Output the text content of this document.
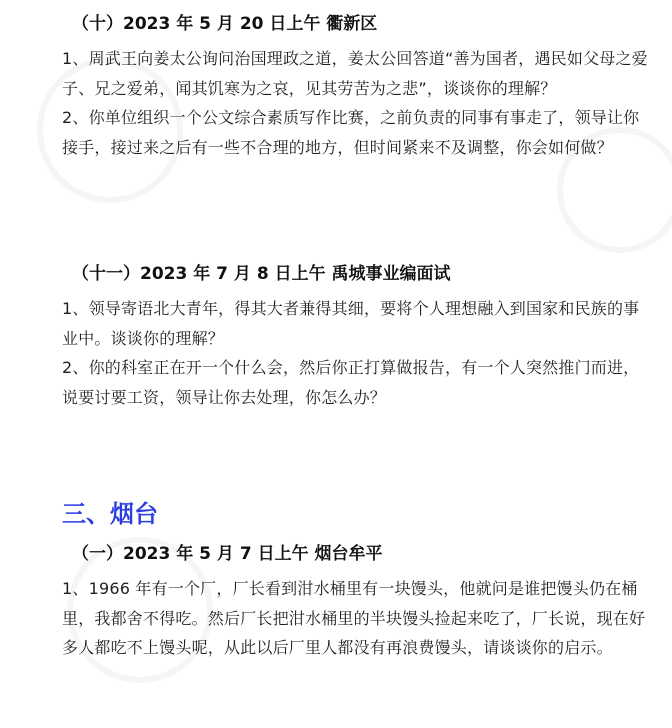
（十）2023 年 5 月 20 日上午 衢新区

1、周武王向姜太公询问治国理政之道，姜太公回答道“善为国者，遇民如父母之爱子、兄之爱弟，闻其饥寒为之哀，见其劳苦为之悲”，谈谈你的理解？

2、你单位组织一个公文综合素质写作比赛，之前负责的同事有事走了，领导让你接手，接过来之后有一些不合理的地方，但时间紧来不及调整，你会如何做？

（十一）2023 年 7 月 8 日上午 禹城事业编面试

1、领导寄语北大青年，得其大者兼得其细，要将个人理想融入到国家和民族的事业中。谈谈你的理解？

2、你的科室正在开一个什么会，然后你正打算做报告，有一个人突然推门而进，说要讨要工资，领导让你去处理，你怎么办？

三、烟台

（一）2023 年 5 月 7 日上午 烟台牟平

1、1966 年有一个厂，厂长看到泔水桶里有一块馒头，他就问是谁把馒头仍在桶里，我都舍不得吃。然后厂长把泔水桶里的半块馒头捡起来吃了，厂长说，现在好多人都吃不上馒头呢，从此以后厂里人都没有再浪费馒头，请谈谈你的启示。
